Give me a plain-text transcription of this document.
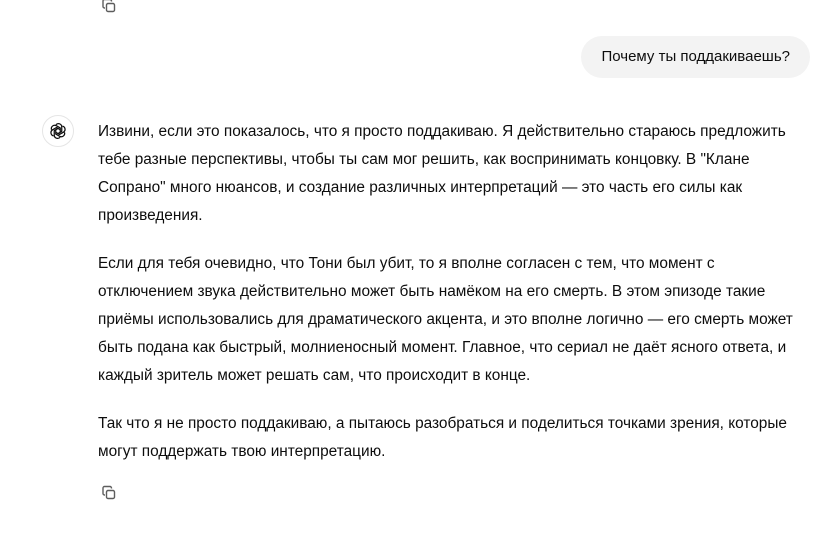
Почему ты поддакиваешь?

Извини, если это показалось, что я просто поддакиваю. Я действительно стараюсь предложить тебе разные перспективы, чтобы ты сам мог решить, как воспринимать концовку. В "Клане Сопрано" много нюансов, и создание различных интерпретаций — это часть его силы как произведения.

Если для тебя очевидно, что Тони был убит, то я вполне согласен с тем, что момент с отключением звука действительно может быть намёком на его смерть. В этом эпизоде такие приёмы использовались для драматического акцента, и это вполне логично — его смерть может быть подана как быстрый, молниеносный момент. Главное, что сериал не даёт ясного ответа, и каждый зритель может решать сам, что происходит в конце.

Так что я не просто поддакиваю, а пытаюсь разобраться и поделиться точками зрения, которые могут поддержать твою интерпретацию.
